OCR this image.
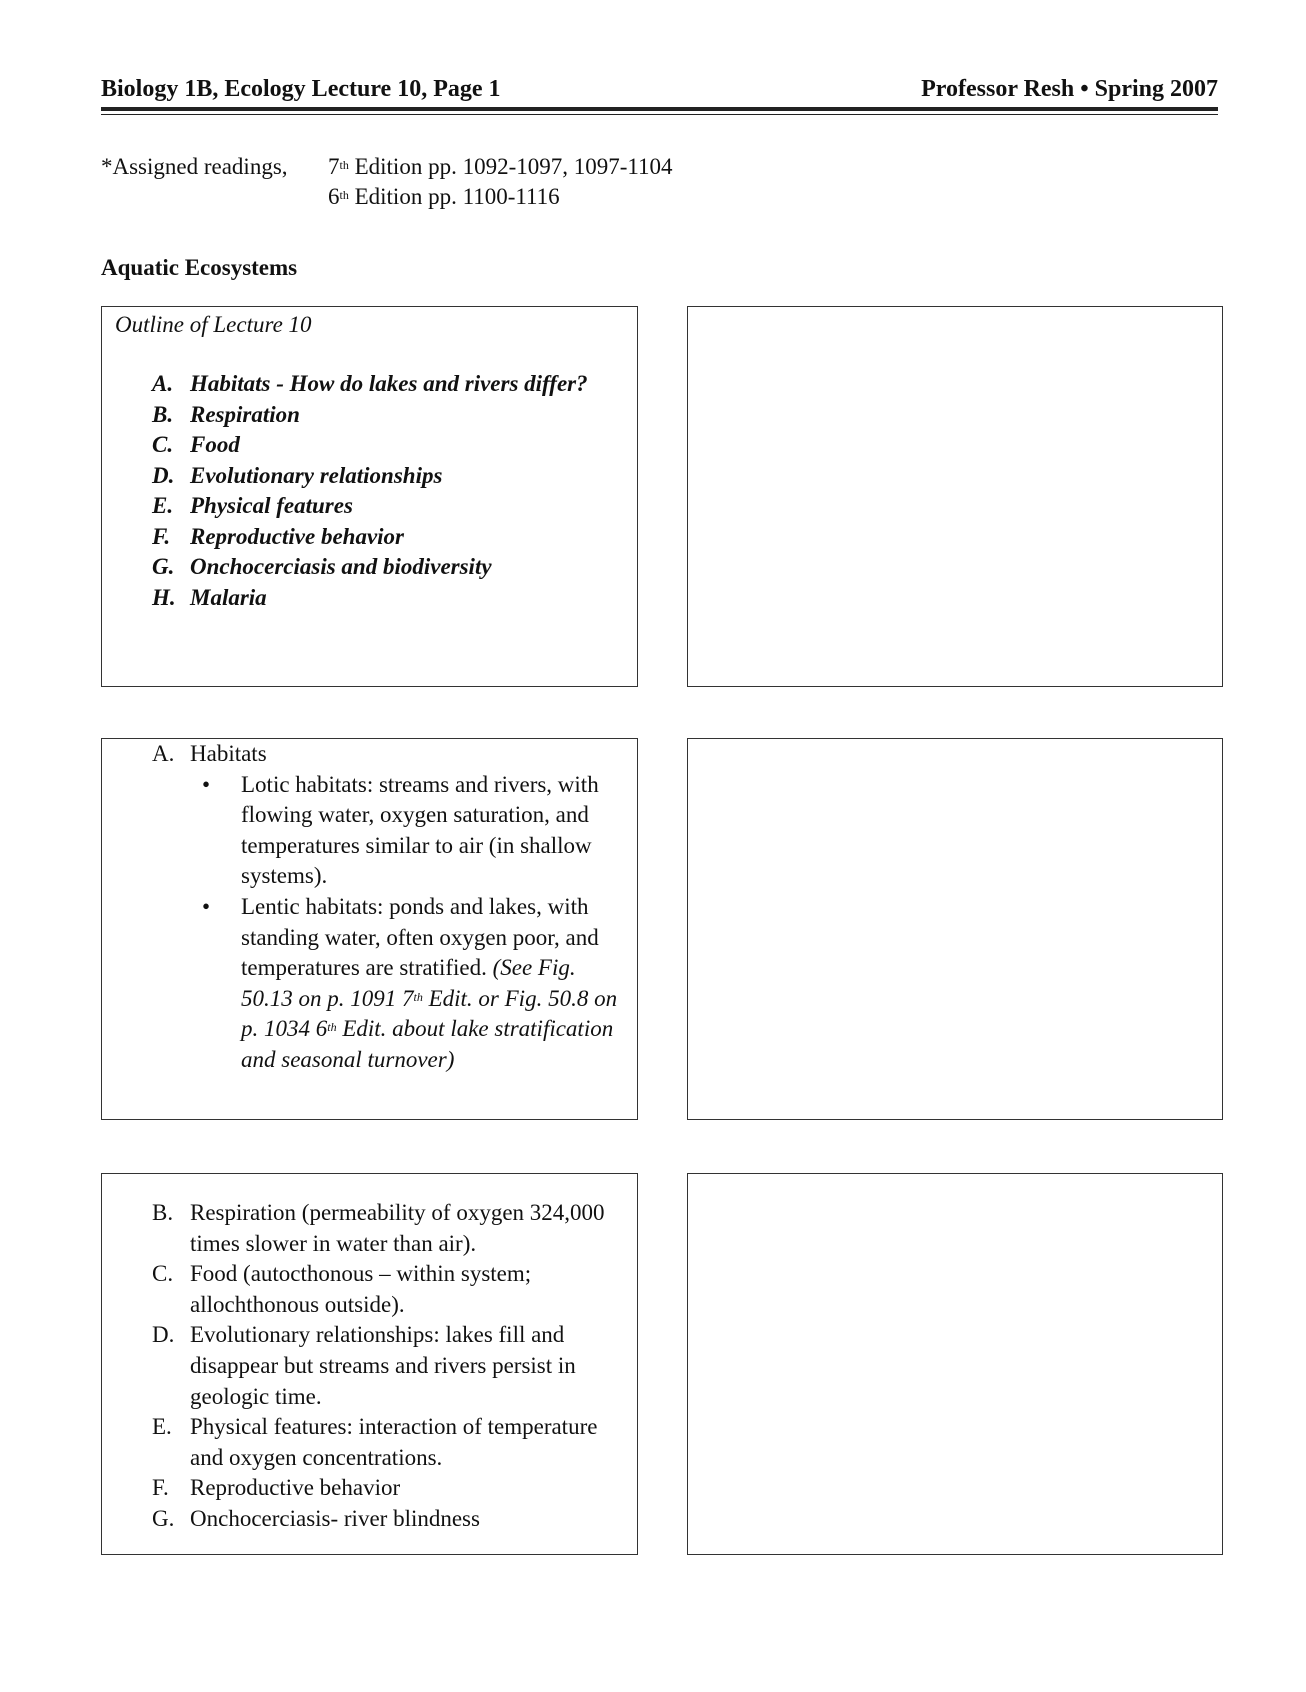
Biology 1B, Ecology Lecture 10, Page 1	Professor Resh • Spring 2007
*Assigned readings, 7th Edition pp. 1092-1097, 1097-1104
6th Edition pp. 1100-1116
Aquatic Ecosystems
Outline of Lecture 10
A. Habitats - How do lakes and rivers differ?
B. Respiration
C. Food
D. Evolutionary relationships
E. Physical features
F. Reproductive behavior
G. Onchocerciasis and biodiversity
H. Malaria
A. Habitats
• Lotic habitats: streams and rivers, with flowing water, oxygen saturation, and temperatures similar to air (in shallow systems).
• Lentic habitats: ponds and lakes, with standing water, often oxygen poor, and temperatures are stratified. (See Fig. 50.13 on p. 1091 7th Edit. or Fig. 50.8 on p. 1034 6th Edit. about lake stratification and seasonal turnover)
B. Respiration (permeability of oxygen 324,000 times slower in water than air).
C. Food (autocthonous – within system; allochthonous outside).
D. Evolutionary relationships: lakes fill and disappear but streams and rivers persist in geologic time.
E. Physical features: interaction of temperature and oxygen concentrations.
F. Reproductive behavior
G. Onchocerciasis- river blindness
